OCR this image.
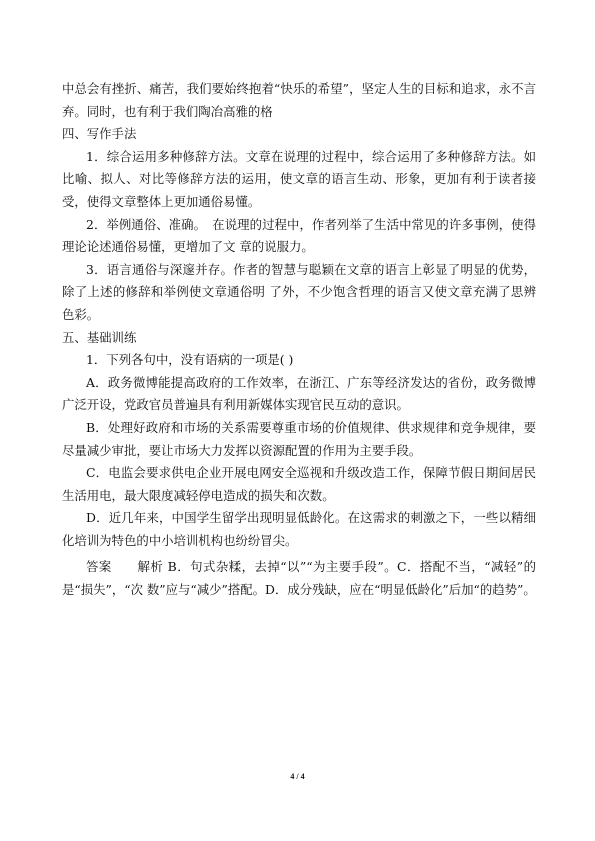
中总会有挫折、痛苦，我们要始终抱着“快乐的希望”，坚定人生的目标和追求，永不言弃。同时，也有利于我们陶冶高雅的格

四、写作手法

1．综合运用多种修辞方法。文章在说理的过程中，综合运用了多种修辞方法。如比喻、拟人、对比等修辞方法的运用，使文章的语言生动、形象，更加有利于读者接受，使得文章整体上更加通俗易懂。

2．举例通俗、准确。　在说理的过程中，作者列举了生活中常见的许多事例，使得理论论述通俗易懂，更增加了文 章的说服力。

3．语言通俗与深邃并存。作者的智慧与聪颖在文章的语言上彰显了明显的优势，除了上述的修辞和举例使文章通俗明 了外，不少饱含哲理的语言又使文章充满了思辨色彩。

五、基础训练

1．下列各句中，没有语病的一项是( )

A．政务微博能提高政府的工作效率，在浙江、广东等经济发达的省份，政务微博广泛开设，党政官员普遍具有利用新媒体实现官民互动的意识。

B．处理好政府和市场的关系需要尊重市场的价值规律、供求规律和竞争规律，要尽量减少审批，要让市场大力发挥以资源配置的作用为主要手段。

C．电监会要求供电企业开展电网安全巡视和升级改造工作，保障节假日期间居民生活用电，最大限度减轻停电造成的损失和次数。

D．近几年来，中国学生留学出现明显低龄化。在这需求的刺激之下，一些以精细化培训为特色的中小培训机构也纷纷冒尖。

答案　　解析 B．句式杂糅，去掉“以”“为主要手段”。C．搭配不当，“减轻”的是“损失”，“次 数”应与“减少”搭配。D．成分残缺，应在“明显低龄化”后加“的趋势”。

4 / 4
